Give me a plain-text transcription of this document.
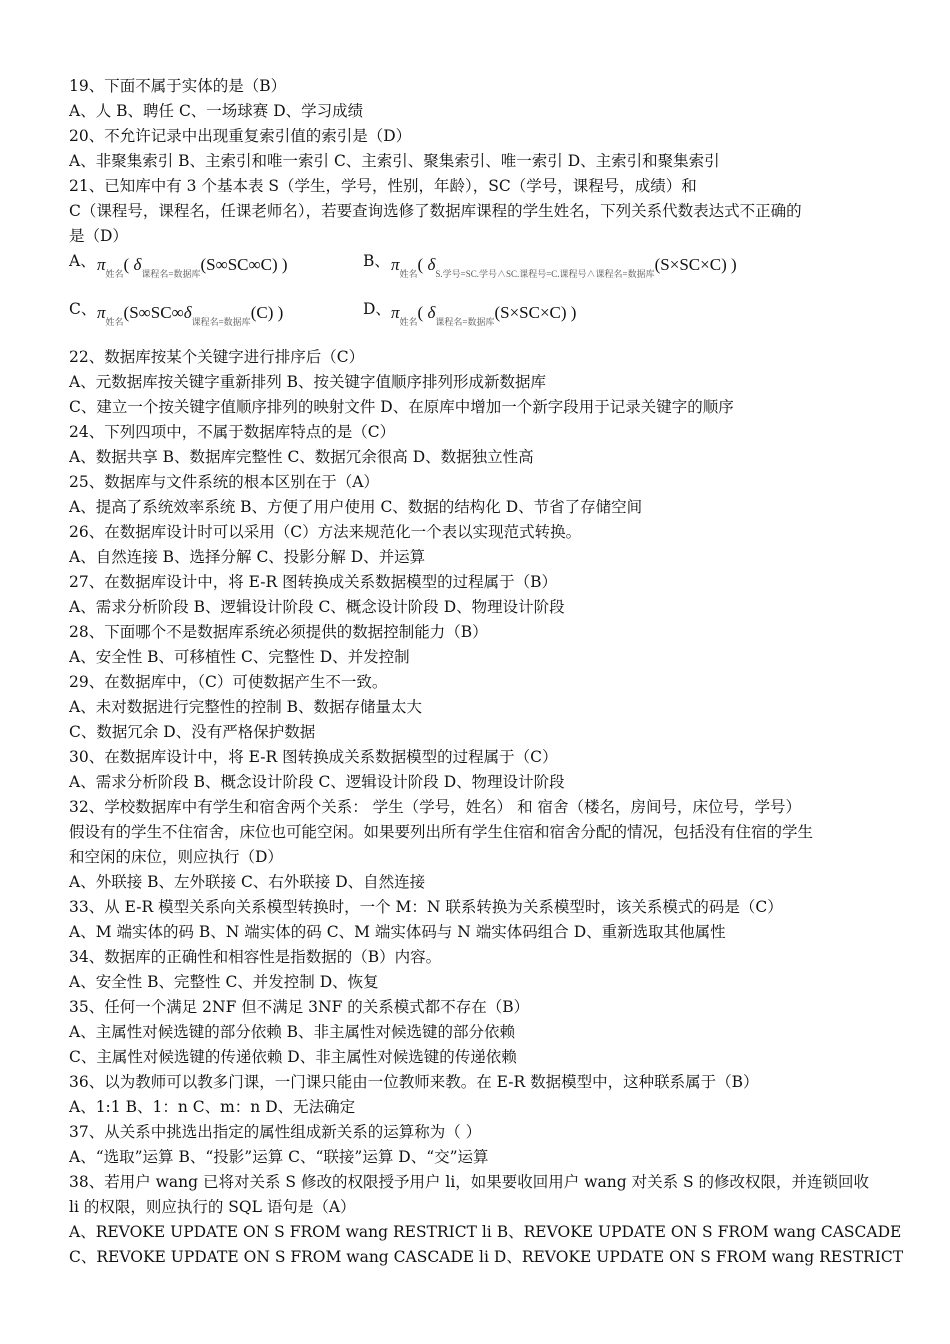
19、下面不属于实体的是（B）
A、人 B、聘任 C、一场球赛 D、学习成绩
20、不允许记录中出现重复索引值的索引是（D）
A、非聚集索引 B、主索引和唯一索引 C、主索引、聚集索引、唯一索引 D、主索引和聚集索引
21、已知库中有 3 个基本表 S（学生，学号，性别，年龄），SC（学号，课程号，成绩）和
C（课程号，课程名，任课老师名），若要查询选修了数据库课程的学生姓名，下列关系代数表达式不正确的
是（D）
A、 $\pi_{姓名}$( $\delta_{课程名=数据库}(S\infty SC\infty C)$ )	B、 $\pi_{姓名}$( $\delta_{S.学号=SC.学号\wedge SC.课程号=C.课程号\wedge 课程名=数据库}(S\times SC\times C)$ )
C、 $\pi_{姓名}(S\infty SC\infty\delta_{课程名=数据库}(C)$ )	D、 $\pi_{姓名}$( $\delta_{课程名=数据库}(S\times SC\times C)$ )
22、数据库按某个关键字进行排序后（C）
A、元数据库按关键字重新排列 B、按关键字值顺序排列形成新数据库
C、建立一个按关键字值顺序排列的映射文件 D、在原库中增加一个新字段用于记录关键字的顺序
24、下列四项中，不属于数据库特点的是（C）
A、数据共享 B、数据库完整性 C、数据冗余很高 D、数据独立性高
25、数据库与文件系统的根本区别在于（A）
A、提高了系统效率系统 B、方便了用户使用 C、数据的结构化 D、节省了存储空间
26、在数据库设计时可以采用（C）方法来规范化一个表以实现范式转换。
A、自然连接 B、选择分解 C、投影分解 D、并运算
27、在数据库设计中，将 E-R 图转换成关系数据模型的过程属于（B）
A、需求分析阶段 B、逻辑设计阶段 C、概念设计阶段 D、物理设计阶段
28、下面哪个不是数据库系统必须提供的数据控制能力（B）
A、安全性 B、可移植性 C、完整性 D、并发控制
29、在数据库中，（C）可使数据产生不一致。
A、未对数据进行完整性的控制 B、数据存储量太大
C、数据冗余 D、没有严格保护数据
30、在数据库设计中，将 E-R 图转换成关系数据模型的过程属于（C）
A、需求分析阶段 B、概念设计阶段 C、逻辑设计阶段 D、物理设计阶段
32、学校数据库中有学生和宿舍两个关系： 学生（学号，姓名） 和 宿舍（楼名，房间号，床位号，学号）
假设有的学生不住宿舍，床位也可能空闲。如果要列出所有学生住宿和宿舍分配的情况，包括没有住宿的学生
和空闲的床位，则应执行（D）
A、外联接 B、左外联接 C、右外联接 D、自然连接
33、从 E-R 模型关系向关系模型转换时，一个 M：N 联系转换为关系模型时，该关系模式的码是（C）
A、M 端实体的码 B、N 端实体的码 C、M 端实体码与 N 端实体码组合 D、重新选取其他属性
34、数据库的正确性和相容性是指数据的（B）内容。
A、安全性 B、完整性 C、并发控制 D、恢复
35、任何一个满足 2NF 但不满足 3NF 的关系模式都不存在（B）
A、主属性对候选键的部分依赖 B、非主属性对候选键的部分依赖
C、主属性对候选键的传递依赖 D、非主属性对候选键的传递依赖
36、以为教师可以教多门课，一门课只能由一位教师来教。在 E-R 数据模型中，这种联系属于（B）
A、1:1 B、1：n C、m：n D、无法确定
37、从关系中挑选出指定的属性组成新关系的运算称为（ ）
A、“选取”运算 B、“投影”运算 C、“联接”运算 D、“交”运算
38、若用户 wang 已将对关系 S 修改的权限授予用户 li，如果要收回用户 wang 对关系 S 的修改权限，并连锁回收
li 的权限，则应执行的 SQL 语句是（A）
A、REVOKE UPDATE ON S FROM wang RESTRICT li B、REVOKE UPDATE ON S FROM wang CASCADE
C、REVOKE UPDATE ON S FROM wang CASCADE li D、REVOKE UPDATE ON S FROM wang RESTRICT
